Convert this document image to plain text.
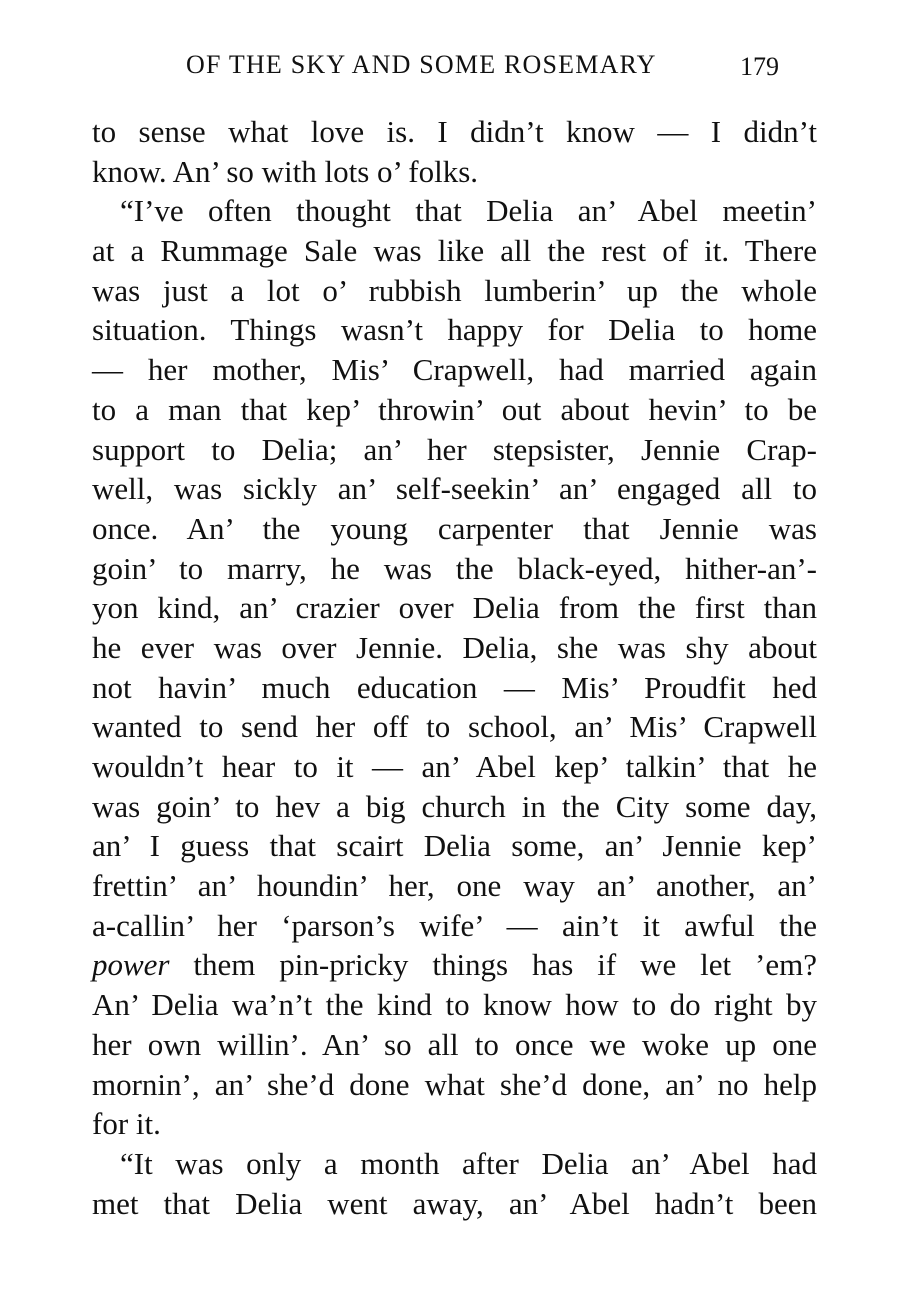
OF THE SKY AND SOME ROSEMARY	179
to sense what love is. I didn’t know — I didn’t
know. An’ so with lots o’ folks.
“I’ve often thought that Delia an’ Abel meetin’
at a Rummage Sale was like all the rest of it. There
was just a lot o’ rubbish lumberin’ up the whole
situation. Things wasn’t happy for Delia to home
— her mother, Mis’ Crapwell, had married again
to a man that kep’ throwin’ out about hevin’ to be
support to Delia; an’ her stepsister, Jennie Crap-
well, was sickly an’ self-seekin’ an’ engaged all to
once. An’ the young carpenter that Jennie was
goin’ to marry, he was the black-eyed, hither-an’-
yon kind, an’ crazier over Delia from the first than
he ever was over Jennie. Delia, she was shy about
not havin’ much education — Mis’ Proudfit hed
wanted to send her off to school, an’ Mis’ Crapwell
wouldn’t hear to it — an’ Abel kep’ talkin’ that he
was goin’ to hev a big church in the City some day,
an’ I guess that scairt Delia some, an’ Jennie kep’
frettin’ an’ houndin’ her, one way an’ another, an’
a-callin’ her ‘parson’s wife’ — ain’t it awful the
power them pin-pricky things has if we let ’em?
An’ Delia wa’n’t the kind to know how to do right by
her own willin’. An’ so all to once we woke up one
mornin’, an’ she’d done what she’d done, an’ no help
for it.
“It was only a month after Delia an’ Abel had
met that Delia went away, an’ Abel hadn’t been
